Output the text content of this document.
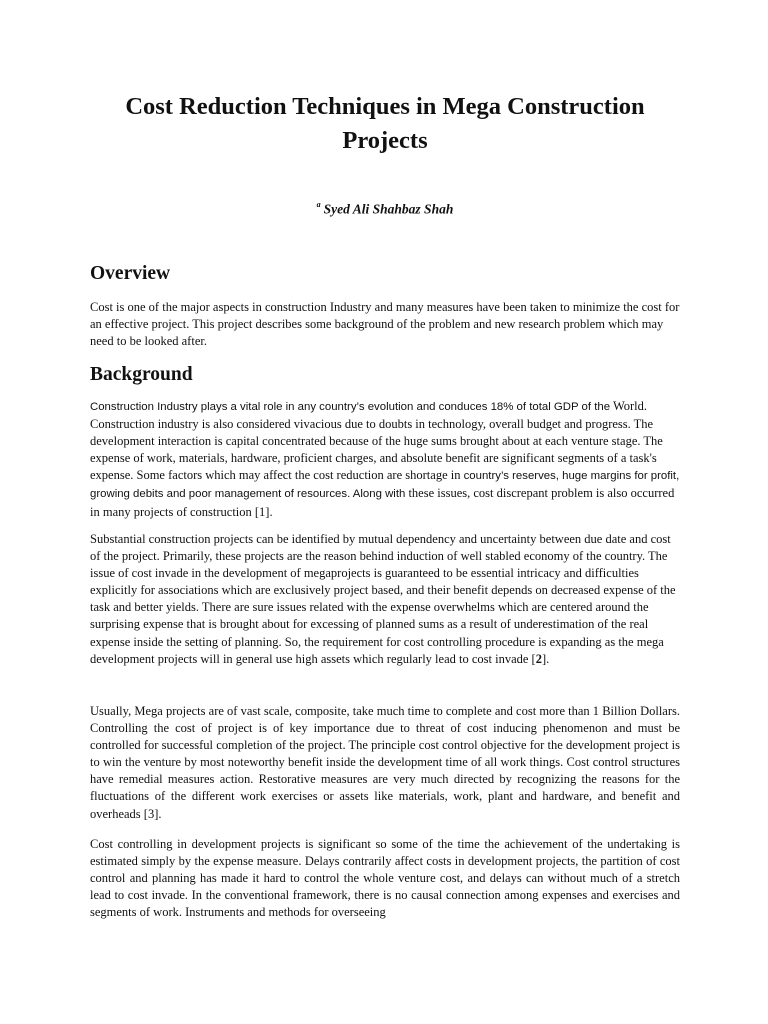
Cost Reduction Techniques in Mega Construction Projects
$^a$ Syed Ali Shahbaz Shah
Overview

Cost is one of the major aspects in construction Industry and many measures have been taken to minimize the cost for an effective project. This project describes some background of the problem and new research problem which may need to be looked after.

Background

Construction Industry plays a vital role in any country’s evolution and conduces 18% of total GDP of the World. Construction industry is also considered vivacious due to doubts in technology, overall budget and progress. The development interaction is capital concentrated because of the huge sums brought about at each venture stage. The expense of work, materials, hardware, proficient charges, and absolute benefit are significant segments of a task's expense. Some factors which may affect the cost reduction are shortage in country’s reserves, huge margins for profit, growing debits and poor management of resources. Along with these issues, cost discrepant problem is also occurred in many projects of construction [1].

Substantial construction projects can be identified by mutual dependency and uncertainty between due date and cost of the project. Primarily, these projects are the reason behind induction of well stabled economy of the country. The issue of cost invade in the development of megaprojects is guaranteed to be essential intricacy and difficulties explicitly for associations which are exclusively project based, and their benefit depends on decreased expense of the task and better yields. There are sure issues related with the expense overwhelms which are centered around the surprising expense that is brought about for excessing of planned sums as a result of underestimation of the real expense inside the setting of planning. So, the requirement for cost controlling procedure is expanding as the mega development projects will in general use high assets which regularly lead to cost invade [2].

Usually, Mega projects are of vast scale, composite, take much time to complete and cost more than 1 Billion Dollars. Controlling the cost of project is of key importance due to threat of cost inducing phenomenon and must be controlled for successful completion of the project. The principle cost control objective for the development project is to win the venture by most noteworthy benefit inside the development time of all work things. Cost control structures have remedial measures action. Restorative measures are very much directed by recognizing the reasons for the fluctuations of the different work exercises or assets like materials, work, plant and hardware, and benefit and overheads [3].

Cost controlling in development projects is significant so some of the time the achievement of the undertaking is estimated simply by the expense measure. Delays contrarily affect costs in development projects, the partition of cost control and planning has made it hard to control the whole venture cost, and delays can without much of a stretch lead to cost invade. In the conventional framework, there is no causal connection among expenses and exercises and segments of work. Instruments and methods for overseeing
